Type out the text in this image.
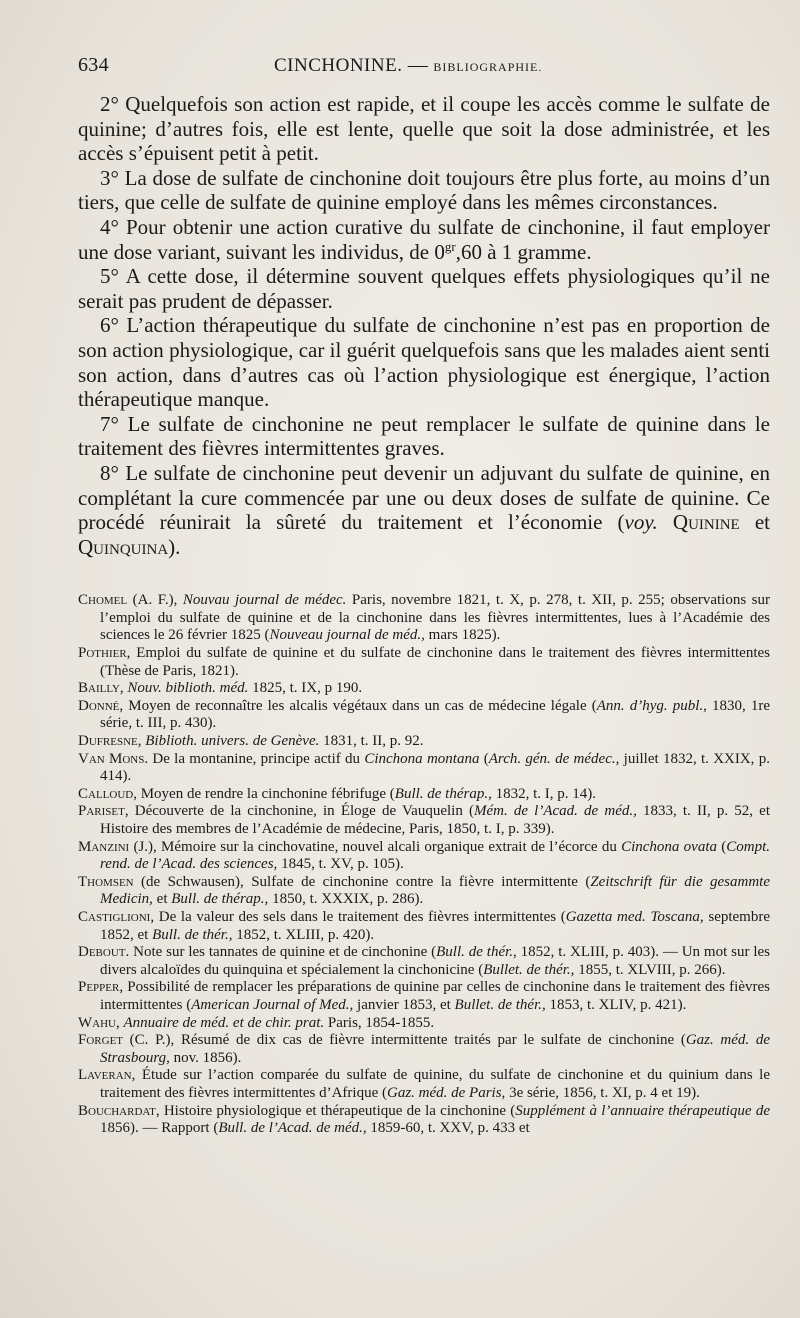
634	CINCHONINE. — BIBLIOGRAPHIE.

2° Quelquefois son action est rapide, et il coupe les accès comme le sulfate de quinine; d’autres fois, elle est lente, quelle que soit la dose administrée, et les accès s’épuisent petit à petit.

3° La dose de sulfate de cinchonine doit toujours être plus forte, au moins d’un tiers, que celle de sulfate de quinine employé dans les mêmes circonstances.

4° Pour obtenir une action curative du sulfate de cinchonine, il faut employer une dose variant, suivant les individus, de $0^{gr},60$ à 1 gramme.

5° A cette dose, il détermine souvent quelques effets physiologiques qu’il ne serait pas prudent de dépasser.

6° L’action thérapeutique du sulfate de cinchonine n’est pas en proportion de son action physiologique, car il guérit quelquefois sans que les malades aient senti son action, dans d’autres cas où l’action physiologique est énergique, l’action thérapeutique manque.

7° Le sulfate de cinchonine ne peut remplacer le sulfate de quinine dans le traitement des fièvres intermittentes graves.

8° Le sulfate de cinchonine peut devenir un adjuvant du sulfate de quinine, en complétant la cure commencée par une ou deux doses de sulfate de quinine. Ce procédé réunirait la sûreté du traitement et l’économie (voy. Quinine et Quinquina).

Chomel (A. F.), Nouvau journal de médec. Paris, novembre 1821, t. X, p. 278, t. XII, p. 255; observations sur l’emploi du sulfate de quinine et de la cinchonine dans les fièvres intermittentes, lues à l’Académie des sciences le 26 février 1825 (Nouveau journal de méd., mars 1825).

Pothier, Emploi du sulfate de quinine et du sulfate de cinchonine dans le traitement des fièvres intermittentes (Thèse de Paris, 1821).

Bailly, Nouv. biblioth. méd. 1825, t. IX, p 190.

Donné, Moyen de reconnaître les alcalis végétaux dans un cas de médecine légale (Ann. d’hyg. publ., 1830, 1re série, t. III, p. 430).

Dufresne, Biblioth. univers. de Genève. 1831, t. II, p. 92.

Van Mons. De la montanine, principe actif du Cinchona montana (Arch. gén. de médec., juillet 1832, t. XXIX, p. 414).

Calloud, Moyen de rendre la cinchonine fébrifuge (Bull. de thérap., 1832, t. I, p. 14).

Pariset, Découverte de la cinchonine, in Éloge de Vauquelin (Mém. de l’Acad. de méd., 1833, t. II, p. 52, et Histoire des membres de l’Académie de médecine, Paris, 1850, t. I, p. 339).

Manzini (J.), Mémoire sur la cinchovatine, nouvel alcali organique extrait de l’écorce du Cinchona ovata (Compt. rend. de l’Acad. des sciences, 1845, t. XV, p. 105).

Thomsen (de Schwausen), Sulfate de cinchonine contre la fièvre intermittente (Zeitschrift für die gesammte Medicin, et Bull. de thérap., 1850, t. XXXIX, p. 286).

Castiglioni, De la valeur des sels dans le traitement des fièvres intermittentes (Gazetta med. Toscana, septembre 1852, et Bull. de thér., 1852, t. XLIII, p. 420).

Debout. Note sur les tannates de quinine et de cinchonine (Bull. de thér., 1852, t. XLIII, p. 403). — Un mot sur les divers alcaloïdes du quinquina et spécialement la cinchonicine (Bullet. de thér., 1855, t. XLVIII, p. 266).

Pepper, Possibilité de remplacer les préparations de quinine par celles de cinchonine dans le traitement des fièvres intermittentes (American Journal of Med., janvier 1853, et Bullet. de thér., 1853, t. XLIV, p. 421).

Wahu, Annuaire de méd. et de chir. prat. Paris, 1854-1855.

Forget (C. P.), Résumé de dix cas de fièvre intermittente traités par le sulfate de cinchonine (Gaz. méd. de Strasbourg, nov. 1856).

Laveran, Étude sur l’action comparée du sulfate de quinine, du sulfate de cinchonine et du quinium dans le traitement des fièvres intermittentes d’Afrique (Gaz. méd. de Paris, 3e série, 1856, t. XI, p. 4 et 19).

Bouchardat, Histoire physiologique et thérapeutique de la cinchonine (Supplément à l’annuaire thérapeutique de 1856). — Rapport (Bull. de l’Acad. de méd., 1859-60, t. XXV, p. 433 et
